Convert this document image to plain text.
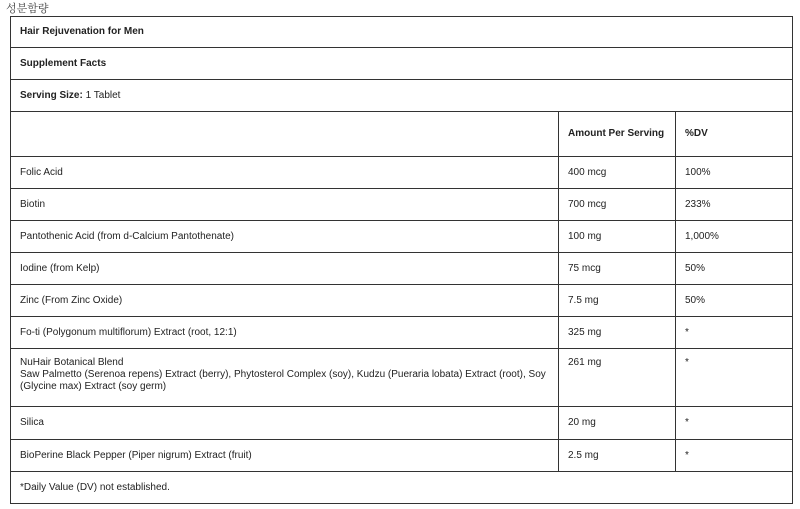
성분함량
Hair Rejuvenation for Men		
Supplement Facts		
Serving Size: 1 Tablet		
	Amount Per Serving	%DV
Folic Acid	400 mcg	100%
Biotin	700 mcg	233%
Pantothenic Acid (from d-Calcium Pantothenate)	100 mg	1,000%
Iodine (from Kelp)	75 mcg	50%
Zinc (From Zinc Oxide)	7.5 mg	50%
Fo-ti (Polygonum multiflorum) Extract (root, 12:1)	325 mg	*

NuHair Botanical Blend
Saw Palmetto (Serenoa repens) Extract (berry), Phytosterol Complex (soy), Kudzu (Pueraria lobata) Extract (root), Soy (Glycine max) Extract (soy germ)	261 mg	*
Silica	20 mg	*
BioPerine Black Pepper (Piper nigrum) Extract (fruit)	2.5 mg	*
*Daily Value (DV) not established.		
